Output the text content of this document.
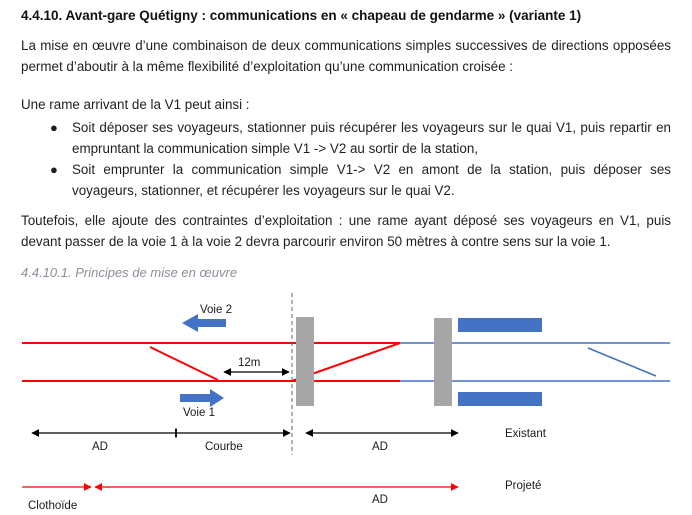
4.4.10. Avant-gare Quétigny : communications en « chapeau de gendarme » (variante 1)
La mise en œuvre d’une combinaison de deux communications simples successives de directions opposées permet d’aboutir à la même flexibilité d’exploitation qu’une communication croisée :
Une rame arrivant de la V1 peut ainsi :
● Soit déposer ses voyageurs, stationner puis récupérer les voyageurs sur le quai V1, puis repartir en empruntant la communication simple V1 -> V2 au sortir de la station,
● Soit emprunter la communication simple V1-> V2 en amont de la station, puis déposer ses voyageurs, stationner, et récupérer les voyageurs sur le quai V2.
Toutefois, elle ajoute des contraintes d’exploitation : une rame ayant déposé ses voyageurs en V1, puis devant passer de la voie 1 à la voie 2 devra parcourir environ 50 mètres à contre sens sur la voie 1.
4.4.10.1. Principes de mise en œuvre
Voie 2
12m
Voie 1
AD	Courbe	AD
Existant
Projeté
AD
Clothoïde
